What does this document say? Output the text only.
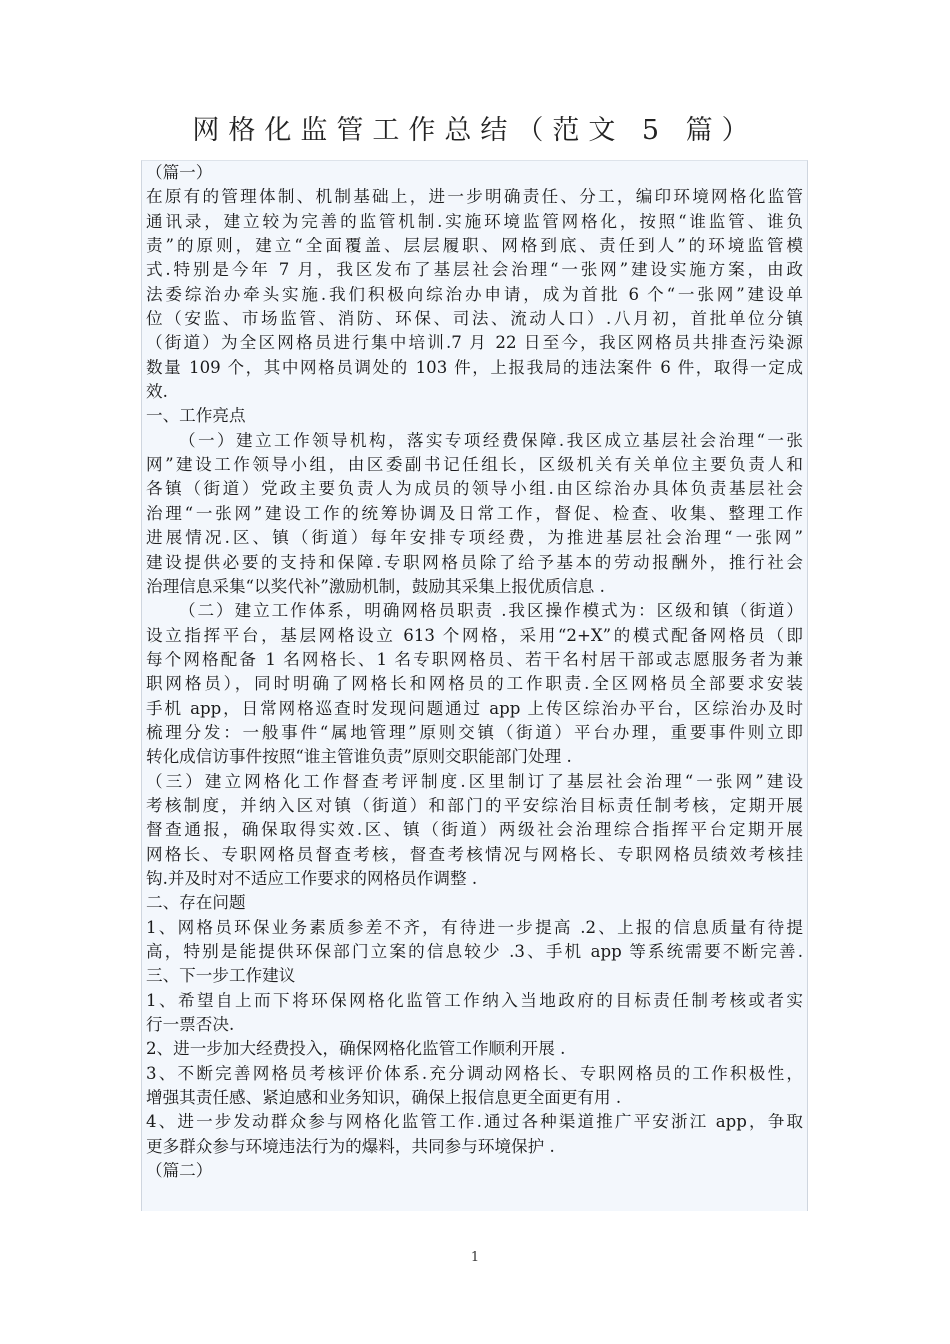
网格化监管工作总结（范文 5 篇）
（篇一）
在原有的管理体制、机制基础上，进一步明确责任、分工，编印环境网格化监管
通讯录，建立较为完善的监管机制.实施环境监管网格化，按照“谁监管、谁负
责”的原则，建立“全面覆盖、层层履职、网格到底、责任到人”的环境监管模
式.特别是今年 7 月，我区发布了基层社会治理“一张网”建设实施方案，由政
法委综治办牵头实施.我们积极向综治办申请，成为首批 6 个“一张网”建设单
位（安监、市场监管、消防、环保、司法、流动人口）.八月初，首批单位分镇
（街道）为全区网格员进行集中培训.7 月 22 日至今，我区网格员共排查污染源
数量 109 个，其中网格员调处的 103 件，上报我局的违法案件 6 件，取得一定成
效.
一、工作亮点
（一）建立工作领导机构，落实专项经费保障.我区成立基层社会治理“一张
网”建设工作领导小组，由区委副书记任组长，区级机关有关单位主要负责人和
各镇（街道）党政主要负责人为成员的领导小组.由区综治办具体负责基层社会
治理“一张网”建设工作的统筹协调及日常工作，督促、检查、收集、整理工作
进展情况.区、镇（街道）每年安排专项经费，为推进基层社会治理“一张网”
建设提供必要的支持和保障.专职网格员除了给予基本的劳动报酬外，推行社会
治理信息采集“以奖代补”激励机制，鼓励其采集上报优质信息 .
（二）建立工作体系，明确网格员职责 .我区操作模式为：区级和镇（街道）
设立指挥平台，基层网格设立 613 个网格，采用“2+X”的模式配备网格员（即
每个网格配备 1 名网格长、1 名专职网格员、若干名村居干部或志愿服务者为兼
职网格员），同时明确了网格长和网格员的工作职责.全区网格员全部要求安装
手机 app，日常网格巡查时发现问题通过 app 上传区综治办平台，区综治办及时
梳理分发：一般事件“属地管理”原则交镇（街道）平台办理，重要事件则立即
转化成信访事件按照“谁主管谁负责”原则交职能部门处理 .
（三）建立网格化工作督查考评制度.区里制订了基层社会治理“一张网”建设
考核制度，并纳入区对镇（街道）和部门的平安综治目标责任制考核，定期开展
督查通报，确保取得实效.区、镇（街道）两级社会治理综合指挥平台定期开展
网格长、专职网格员督查考核，督查考核情况与网格长、专职网格员绩效考核挂
钩.并及时对不适应工作要求的网格员作调整 .
二、存在问题
1、网格员环保业务素质参差不齐，有待进一步提高 .2、上报的信息质量有待提
高，特别是能提供环保部门立案的信息较少 .3、手机 app 等系统需要不断完善.
三、下一步工作建议
1、希望自上而下将环保网格化监管工作纳入当地政府的目标责任制考核或者实
行一票否决.
2、进一步加大经费投入，确保网格化监管工作顺利开展 .
3、不断完善网格员考核评价体系.充分调动网格长、专职网格员的工作积极性，
增强其责任感、紧迫感和业务知识，确保上报信息更全面更有用 .
4、进一步发动群众参与网格化监管工作.通过各种渠道推广平安浙江 app，争取
更多群众参与环境违法行为的爆料，共同参与环境保护 .
（篇二）
1
